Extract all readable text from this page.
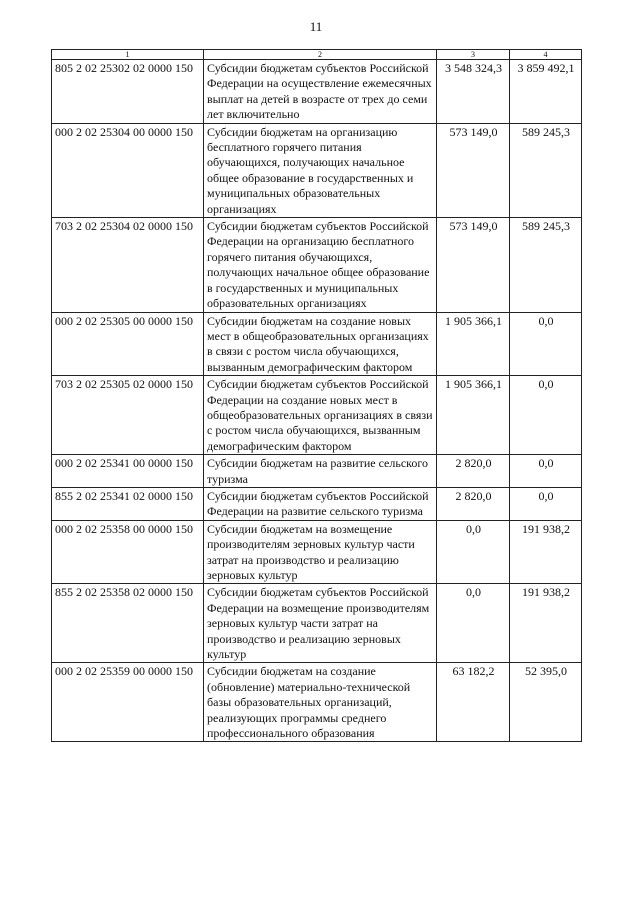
11
1	2	3	4
805 2 02 25302 02 0000 150	Субсидии бюджетам субъектов Российской Федерации на осуществление ежемесячных выплат на детей в возрасте от трех до семи лет включительно	3 548 324,3	3 859 492,1
000 2 02 25304 00 0000 150	Субсидии бюджетам на организацию бесплатного горячего питания обучающихся, получающих начальное общее образование в государственных и муниципальных образовательных организациях	573 149,0	589 245,3
703 2 02 25304 02 0000 150	Субсидии бюджетам субъектов Российской Федерации на организацию бесплатного горячего питания обучающихся, получающих начальное общее образование в государственных и муниципальных образовательных организациях	573 149,0	589 245,3
000 2 02 25305 00 0000 150	Субсидии бюджетам на создание новых мест в общеобразовательных организациях в связи с ростом числа обучающихся, вызванным демографическим фактором	1 905 366,1	0,0
703 2 02 25305 02 0000 150	Субсидии бюджетам субъектов Российской Федерации на создание новых мест в общеобразовательных организациях в связи с ростом числа обучающихся, вызванным демографическим фактором	1 905 366,1	0,0
000 2 02 25341 00 0000 150	Субсидии бюджетам на развитие сельского туризма	2 820,0	0,0
855 2 02 25341 02 0000 150	Субсидии бюджетам субъектов Российской Федерации на развитие сельского туризма	2 820,0	0,0
000 2 02 25358 00 0000 150	Субсидии бюджетам на возмещение производителям зерновых культур части затрат на производство и реализацию зерновых культур	0,0	191 938,2
855 2 02 25358 02 0000 150	Субсидии бюджетам субъектов Российской Федерации на возмещение производителям зерновых культур части затрат на производство и реализацию зерновых культур	0,0	191 938,2
000 2 02 25359 00 0000 150	Субсидии бюджетам на создание (обновление) материально-технической базы образовательных организаций, реализующих программы среднего профессионального образования	63 182,2	52 395,0
